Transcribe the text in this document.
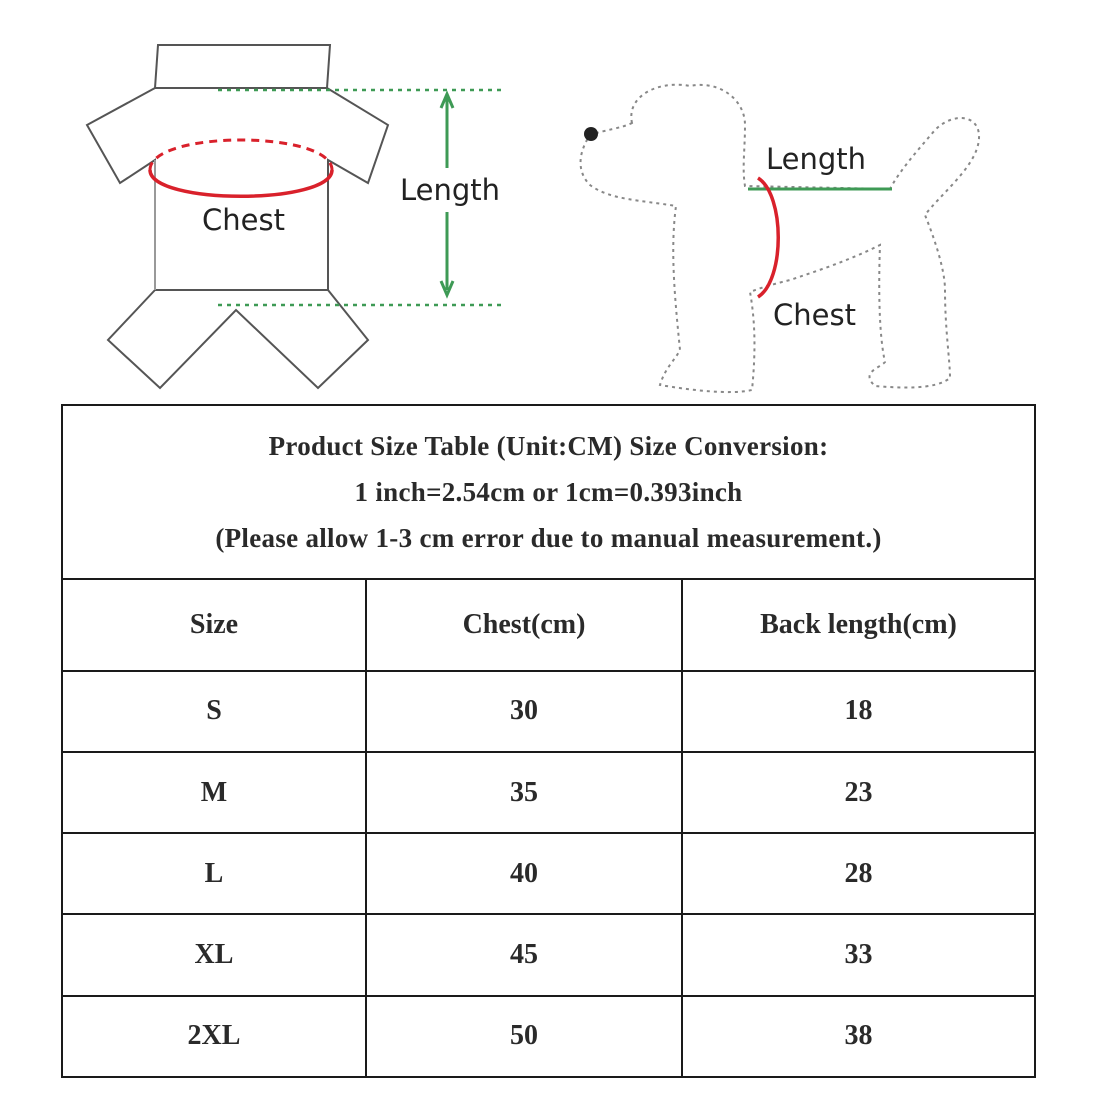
Chest
Length
Length
Chest
Product Size Table (Unit:CM) Size Conversion:
1 inch=2.54cm or 1cm=0.393inch
(Please allow 1-3 cm error due to manual measurement.)		

Size	Chest(cm)	Back length(cm)
S	30	18
M	35	23
L	40	28
XL	45	33
2XL	50	38
